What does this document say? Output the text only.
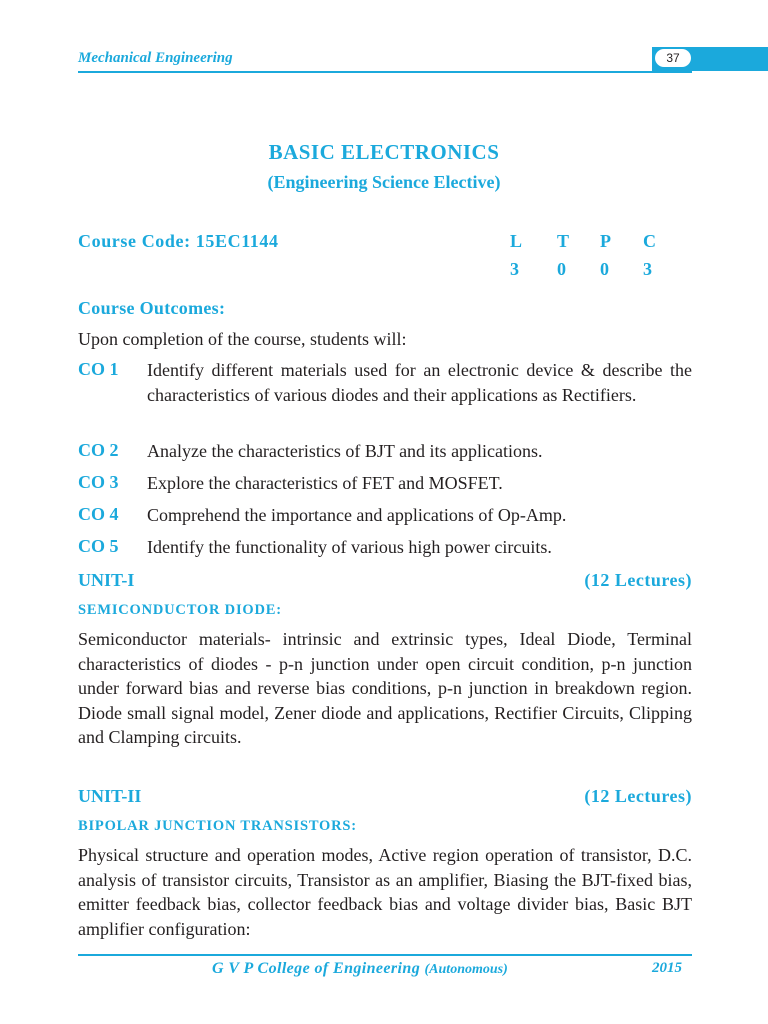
37
Mechanical Engineering
BASIC ELECTRONICS
(Engineering Science Elective)
Course Code: 15EC1144	L	T	P	C
3	0	0	3
Course Outcomes:
Upon completion of the course, students will:
CO 1 Identify different materials used for an electronic device & describe the characteristics of various diodes and their applications as Rectifiers.
CO 2 Analyze the characteristics of BJT and its applications.
CO 3 Explore the characteristics of FET and MOSFET.
CO 4 Comprehend the importance and applications of Op-Amp.
CO 5 Identify the functionality of various high power circuits.
UNIT-I	(12 Lectures)
SEMICONDUCTOR DIODE:
Semiconductor materials- intrinsic and extrinsic types, Ideal Diode, Terminal characteristics of diodes - p-n junction under open circuit condition, p-n junction under forward bias and reverse bias conditions, p-n junction in breakdown region. Diode small signal model, Zener diode and applications, Rectifier Circuits, Clipping and Clamping circuits.
UNIT-II	(12 Lectures)
BIPOLAR JUNCTION TRANSISTORS:
Physical structure and operation modes, Active region operation of transistor, D.C. analysis of transistor circuits, Transistor as an amplifier, Biasing the BJT-fixed bias, emitter feedback bias, collector feedback bias and voltage divider bias, Basic BJT amplifier configuration:
G V P College of Engineering (Autonomous)	2015
